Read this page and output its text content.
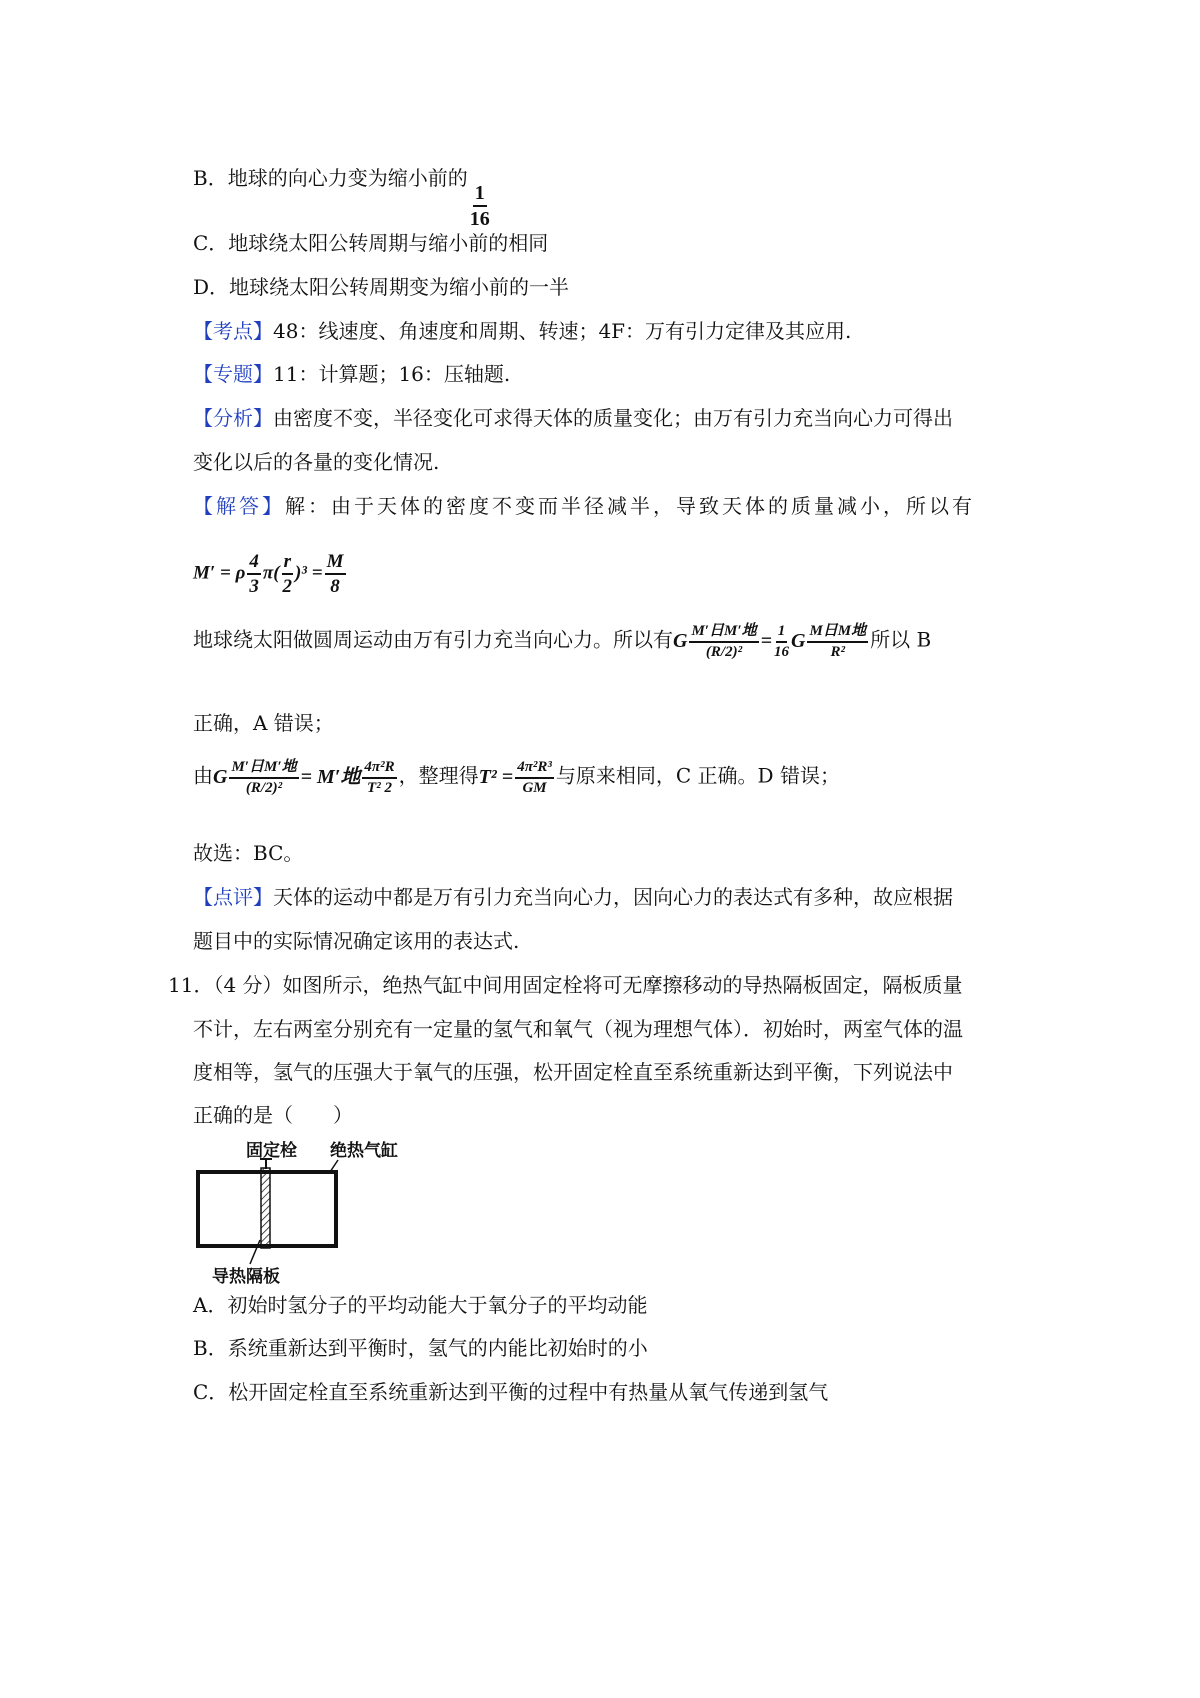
B．地球的向心力变为缩小前的
$\frac{1}{16}$
C．地球绕太阳公转周期与缩小前的相同
D．地球绕太阳公转周期变为缩小前的一半
【考点】48：线速度、角速度和周期、转速；4F：万有引力定律及其应用.
【专题】11：计算题；16：压轴题.
【分析】由密度不变，半径变化可求得天体的质量变化；由万有引力充当向心力可得出
变化以后的各量的变化情况.
【解答】解：由于天体的密度不变而半径减半，导致天体的质量减小，所以有
M′ = ρ $\frac{4}{3} \pi( \frac{r}{2} )^3 = \frac{M}{8}$
地球绕太阳做圆周运动由万有引力充当向心力。所以有G $\frac{\text{M′日M′地}}{\text{(R/2)²}} = \frac{1}{16}$ G $\frac{\text{M日M地}}{\text{R²}}$ 所以 B
正确，A 错误；
由G $\frac{\text{M′日M′地}}{\text{(R/2)²}} = M'$地 $\frac{\text{4π²R}}{\text{T² 2}}$ ，整理得$T^2 = \frac{\text{4π²R³}}{GM}$ 与原来相同，C 正确。D 错误；
故选：BC。
【点评】天体的运动中都是万有引力充当向心力，因向心力的表达式有多种，故应根据
题目中的实际情况确定该用的表达式.
11．（4 分）如图所示，绝热气缸中间用固定栓将可无摩擦移动的导热隔板固定，隔板质量
不计，左右两室分别充有一定量的氢气和氧气（视为理想气体）．初始时，两室气体的温
度相等，氢气的压强大于氧气的压强，松开固定栓直至系统重新达到平衡，下列说法中
正确的是（　　）
固定栓 绝热气缸
导热隔板
A．初始时氢分子的平均动能大于氧分子的平均动能
B．系统重新达到平衡时，氢气的内能比初始时的小
C．松开固定栓直至系统重新达到平衡的过程中有热量从氧气传递到氢气
